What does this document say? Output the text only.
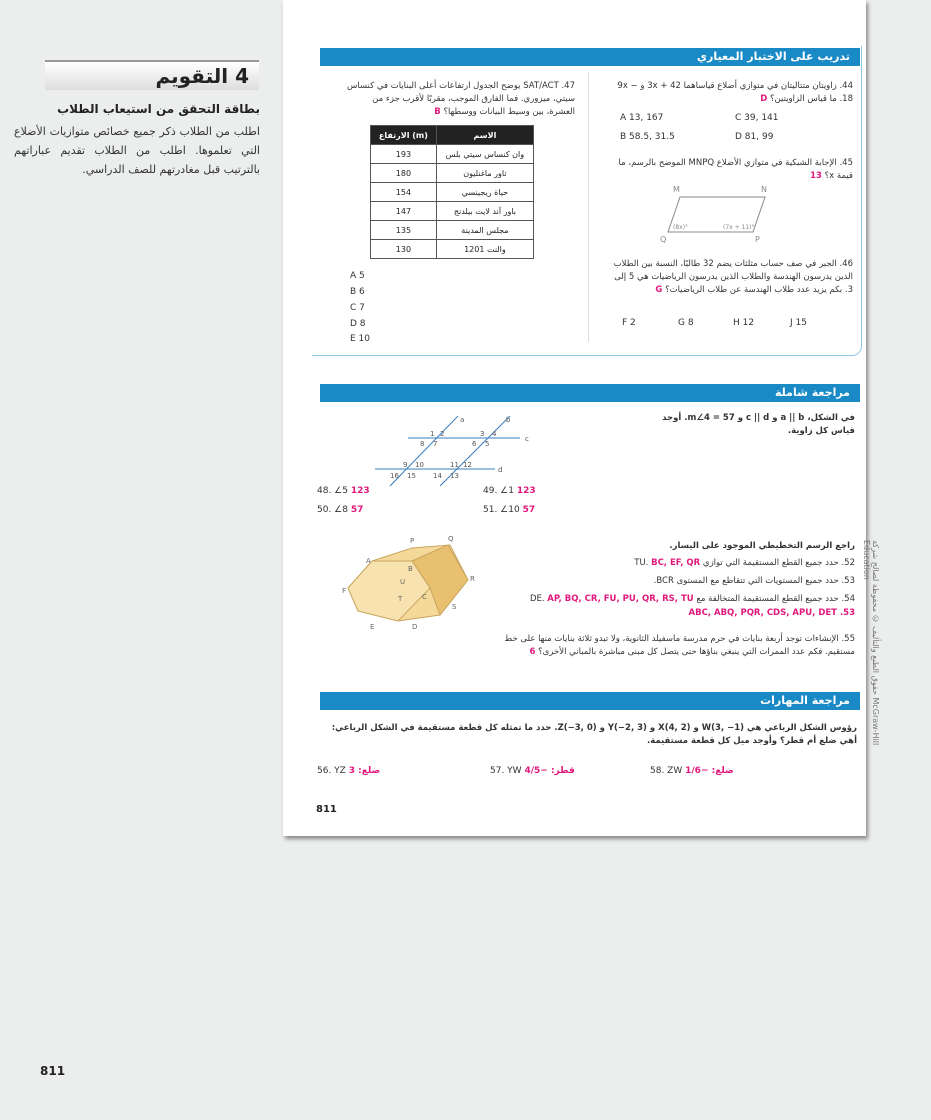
4 التقويم
بطاقة التحقق من استيعاب الطلاب
اطلب من الطلاب ذكر جميع خصائص متوازيات الأضلاع التي تعلموها. اطلب من الطلاب تقديم عباراتهم بالترتيب قبل مغادرتهم للصف الدراسي.
811
تدريب على الاختبار المعياري
44. زاويتان متتاليتان في متوازي أضلاع قياساهما 3x + 42 و 9x − 18. ما قياس الزاويتين؟ D
A 13, 167	C 39, 141
B 58.5, 31.5	D 81, 99
45. الإجابة الشبكية في متوازي الأضلاع MNPQ الموضح بالرسم، ما قيمة x؟ 13
M	N
Q	P
(8x)°	(7x + 11)°
46. الجبر في صف حساب مثلثات يضم 32 طالبًا، النسبة بين الطلاب الذين يدرسون الهندسة والطلاب الذين يدرسون الرياضيات هي 5 إلى 3. بكم يزيد عدد طلاب الهندسة عن طلاب الرياضيات؟ G
F 2	G 8	H 12	J 15
SAT/ACT .47 يوضح الجدول ارتفاعات أعلى البنايات في كنساس سيتي، ميزوري. فما الفارق الموجب، مقربًا لأقرب جزء من العشرة، بين وسيط البيانات ووسطها؟ B
الارتفاع (m)	الاسم
193	وان كنساس سيتي بلس
180	تاور ماغنليون
154	حياة ريجينسي
147	باور آند لايت بيلدنج
135	مجلس المدينة
130	1201 والنت
A 5
B 6
C 7
D 8
E 10
مراجعة شاملة
في الشكل، a || b و c || d و m∠4 = 57. أوجد قياس كل زاوية.
a	b
c
d
1 2	3 4
5
6
7
8
9 10	11 12
13
14
15
16
48. ∠5 123	49. ∠1 123
50. ∠8 57	51. ∠10 57
P	Q
A
B
R
U
F
C
T
S
E	D
راجع الرسم التخطيطي الموجود على اليسار.
52. حدد جميع القطع المستقيمة التي توازي TU. BC, EF, QR
53. حدد جميع المستويات التي تتقاطع مع المستوى BCR.
54. حدد جميع القطع المستقيمة المتخالفة مع DE. AP, BQ, CR, FU, PU, QR, RS, TU
ABC, ABQ, PQR, CDS, APU, DET .53
55. الإنشاءات توجد أربعة بنايات في حرم مدرسة ماسفيلد الثانوية، ولا تبدو ثلاثة بنايات منها على خط مستقيم. فكم عدد الممرات التي ينبغي بناؤها حتى يتصل كل مبنى مباشرة بالمباني الأخرى؟ 6
مراجعة المهارات
رؤوس الشكل الرباعي هي W(3, −1) و X(4, 2) و Y(−2, 3) و Z(−3, 0). حدد ما تمثله كل قطعة مستقيمة في الشكل الرباعي: أهي ضلع أم قطر؟ وأوجد ميل كل قطعة مستقيمة.
56. YZ ضلع: 3	57. YW قطر: −4/5	58. ZW ضلع: −1/6
811
حقوق الطبع والتأليف © محفوظة لصالح شركة McGraw-Hill Education
